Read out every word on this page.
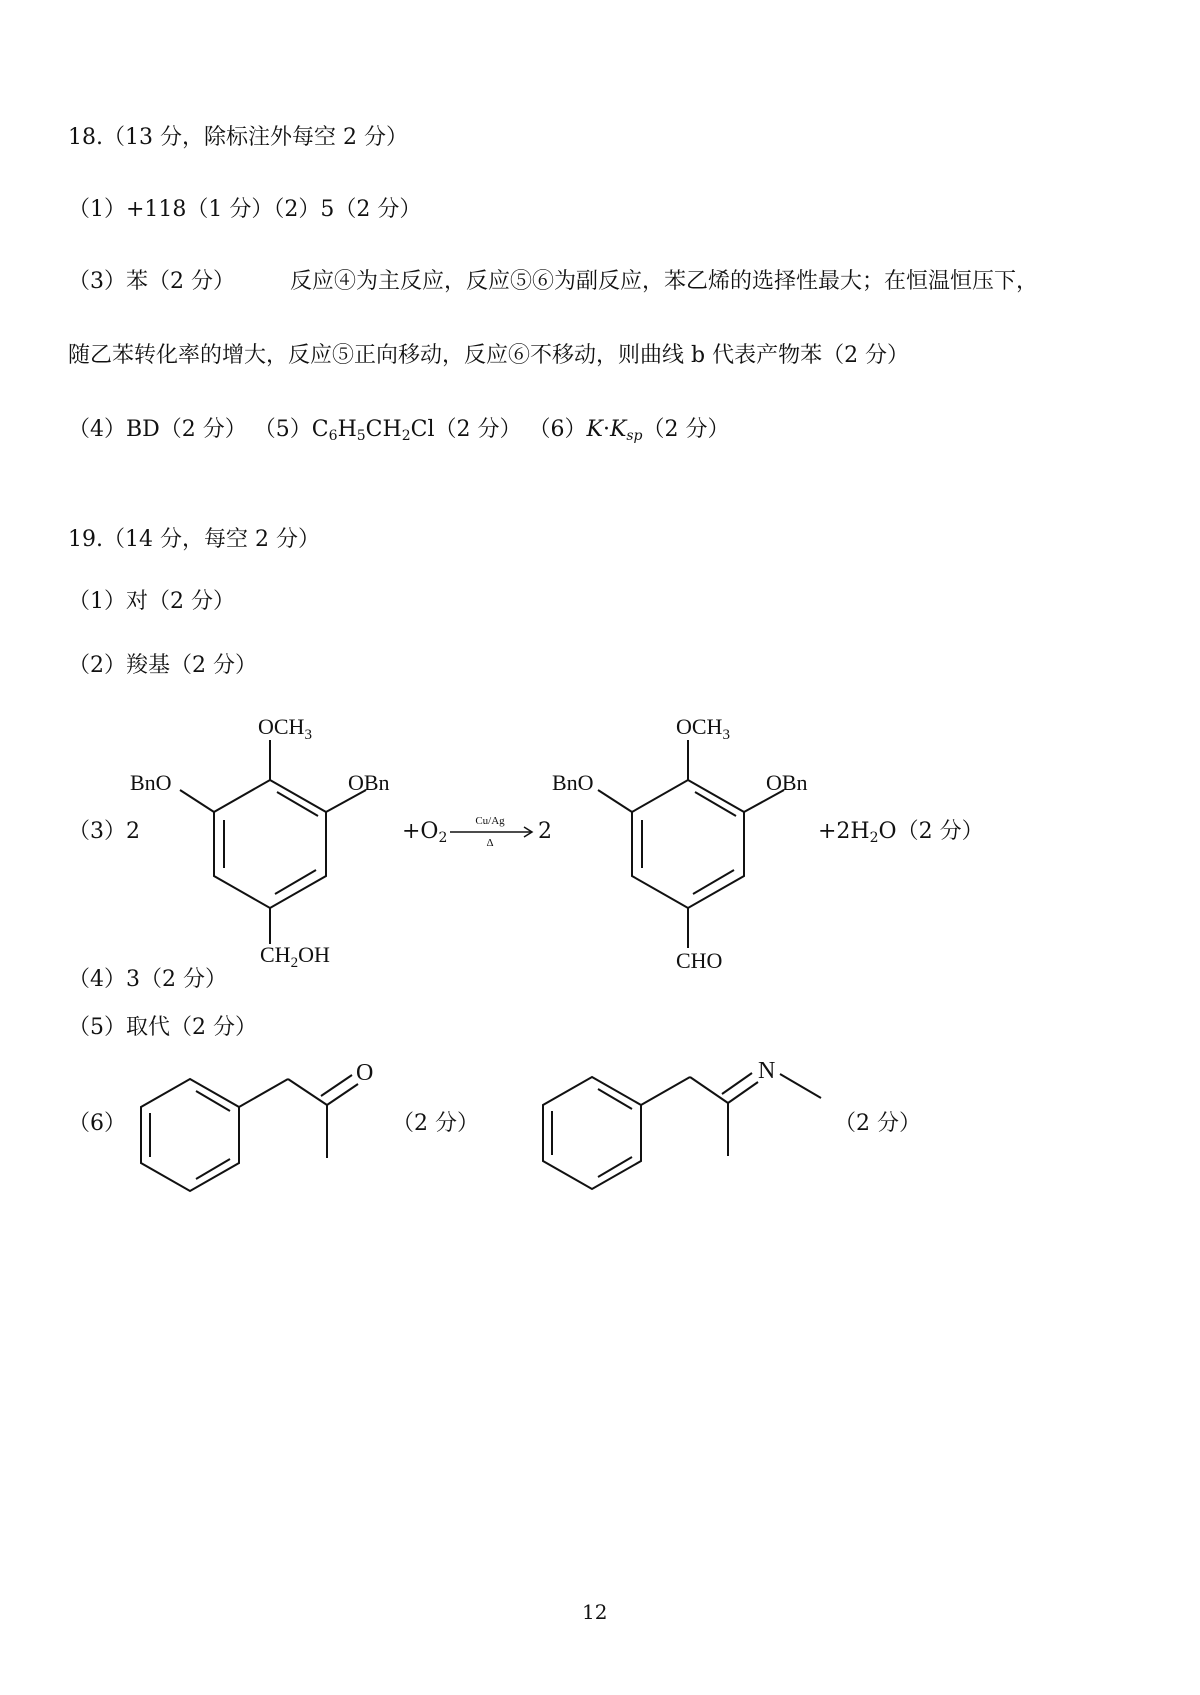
18.（13 分，除标注外每空 2 分）
（1）+118（1 分）（2）5（2 分）
（3）苯（2 分）	反应④为主反应，反应⑤⑥为副反应，苯乙烯的选择性最大；在恒温恒压下，
随乙苯转化率的增大，反应⑤正向移动，反应⑥不移动，则曲线 b 代表产物苯（2 分）
（4）BD（2 分） $(5)C_6H_5CH_2Cl(2$ 分） $(6)K\cdot K_{sp}(2$ 分）
19.（14 分，每空 2 分）
（1）对（2 分）
（2）羧基（2 分）
（3）2
$OCH_3$
BnO	OBn
$CH_2OH$
$+O_2$
Cu/Ag
Δ 2
$OCH_3$
BnO	OBn
CHO
$+2H_2O(2$ 分）
（4）3（2 分）
（5）取代（2 分）
（6）
O
（2 分）
N
（2 分）
12
